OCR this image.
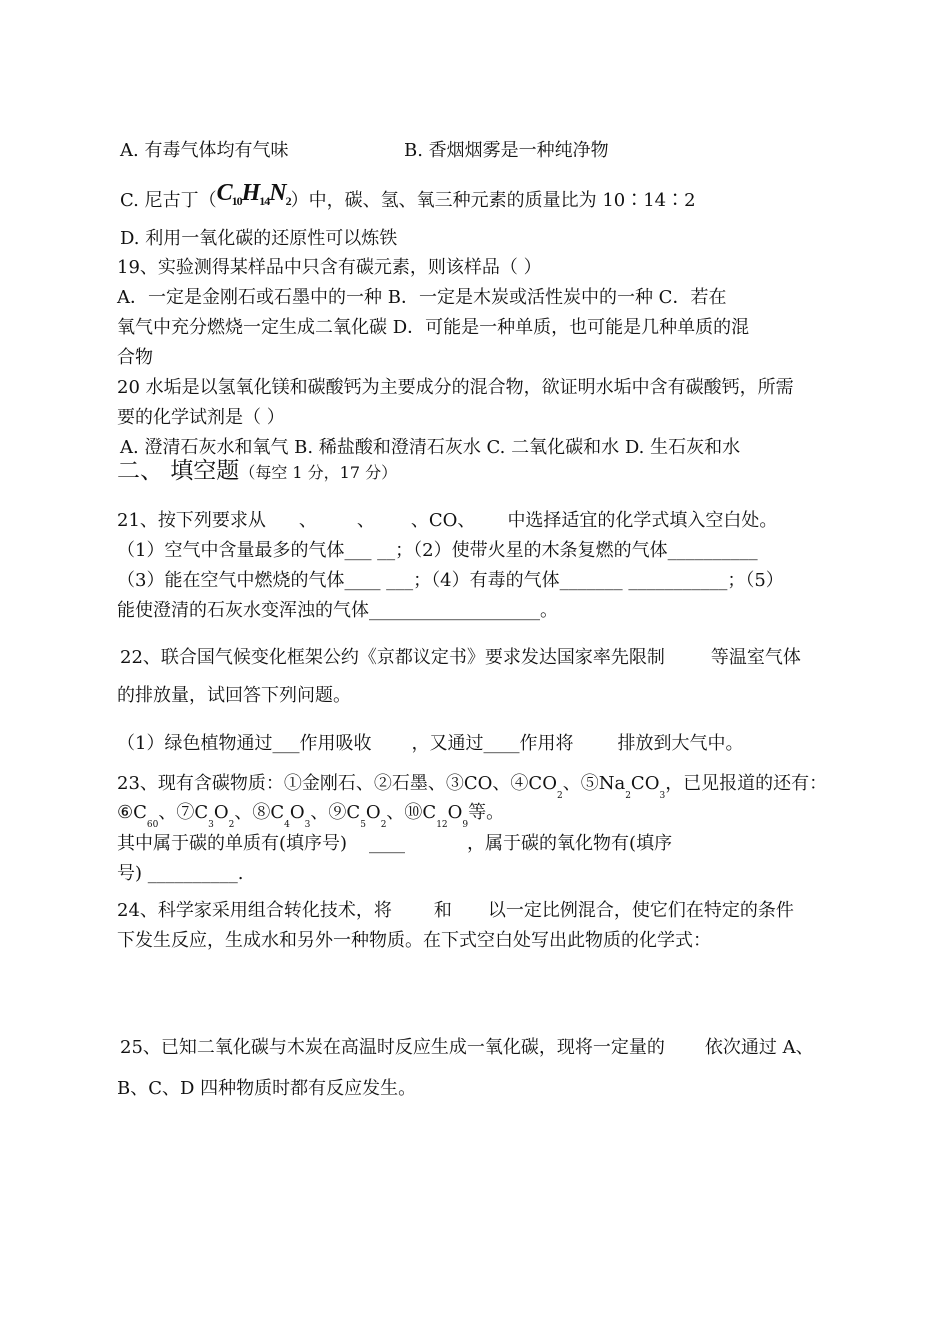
A. 有毒气体均有气味	B. 香烟烟雾是一种纯净物
C. 尼古丁$(C_{10}H_{14}N_2)$中，碳、氢、氧三种元素的质量比为 10∶14∶2
D. 利用一氧化碳的还原性可以炼铁
19、实验测得某样品中只含有碳元素，则该样品（ ）
A．一定是金刚石或石墨中的一种 B．一定是木炭或活性炭中的一种 C．若在
氧气中充分燃烧一定生成二氧化碳 D．可能是一种单质，也可能是几种单质的混
合物
20 水垢是以氢氧化镁和碳酸钙为主要成分的混合物，欲证明水垢中含有碳酸钙，所需
要的化学试剂是（ ）
A. 澄清石灰水和氧气 B. 稀盐酸和澄清石灰水 C. 二氧化碳和水 D. 生石灰和水
二、 填空题（每空 1 分，17 分）
21、按下列要求从 、 、 、CO、 中选择适宜的化学式填入空白处。
（1）空气中含量最多的气体___ __；（2）使带火星的木条复燃的气体__________
（3）能在空气中燃烧的气体____ ___；（4）有毒的气体_______ ___________；（5）
能使澄清的石灰水变浑浊的气体___________________。
22、联合国气候变化框架公约《京都议定书》要求发达国家率先限制	等温室气体
的排放量，试回答下列问题。
（1）绿色植物通过___作用吸收 ，又通过____作用将 排放到大气中。
23、现有含碳物质：①金刚石、②石墨、③CO、$④CO_2$、$⑤Na_2CO_3$，已见报道的还有：
$⑥C_{60}$、$⑦C_3O_2$、$⑧C_4O_3$、$⑨C_5O_2$、$⑩C_{12}O_9$等。
其中属于碳的单质有(填序号) ____	，属于碳的氧化物有(填序
号) __________.
24、科学家采用组合转化技术，将 和 以一定比例混合，使它们在特定的条件
下发生反应，生成水和另外一种物质。在下式空白处写出此物质的化学式：
25、已知二氧化碳与木炭在高温时反应生成一氧化碳，现将一定量的 依次通过 A、
B、C、D 四种物质时都有反应发生。
